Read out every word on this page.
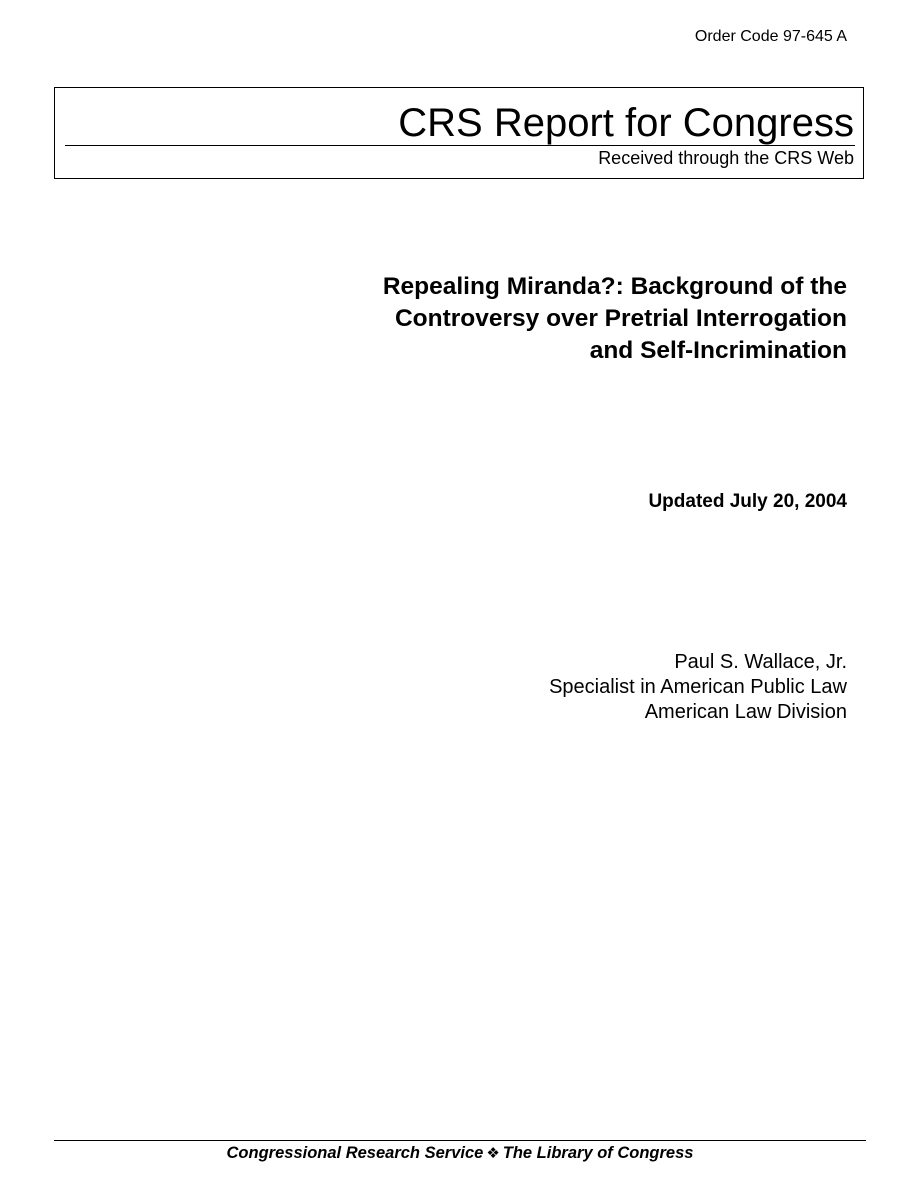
Order Code 97-645 A
CRS Report for Congress
Received through the CRS Web
Repealing Miranda?: Background of the
Controversy over Pretrial Interrogation
and Self-Incrimination
Updated July 20, 2004
Paul S. Wallace, Jr.
Specialist in American Public Law
American Law Division
Congressional Research Service ❖ The Library of Congress
